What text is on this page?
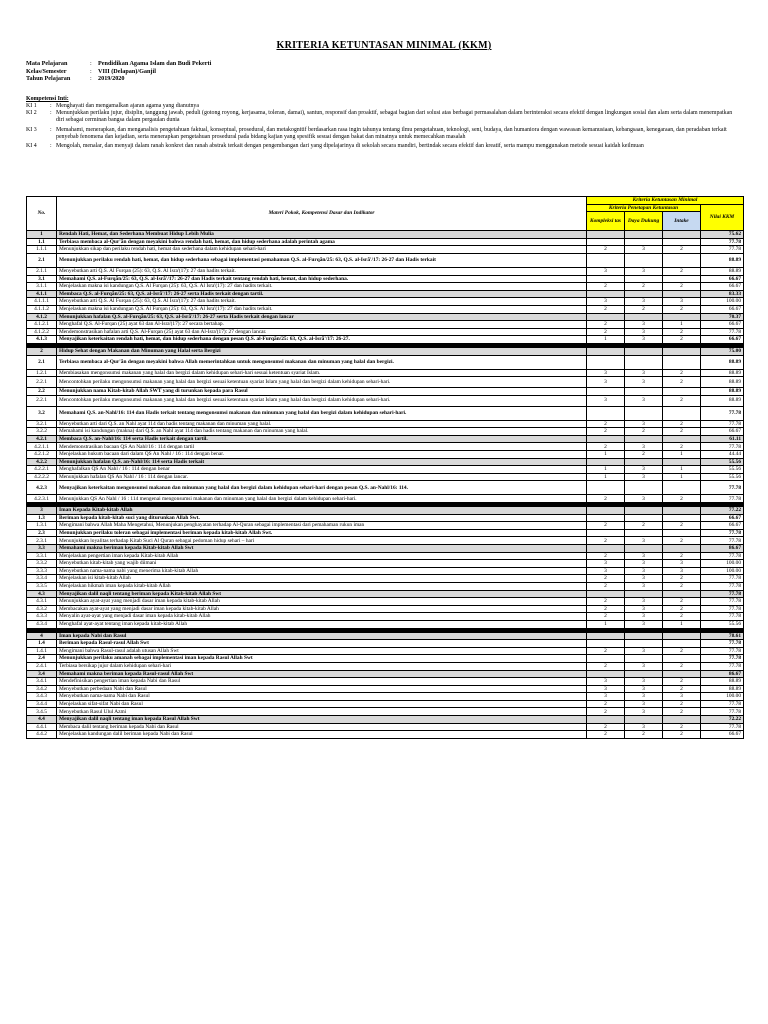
KRITERIA KETUNTASAN MINIMAL (KKM)
Mata Pelajaran	:	Pendidikan Agama Islam dan Budi Pekerti
Kelas/Semester	:	VIII (Delapan)/Ganjil
Tahun Pelajaran	:	2019/2020
Kompetensi Inti:
KI 1	: Menghayati dan mengamalkan ajaran agama yang dianutnya
KI 2	: Menunjukkan perilaku jujur, disiplin, tanggung jawab, peduli (gotong royong, kerjasama, toleran, damai), santun, responsif dan proaktif, sebagai bagian dari solusi atas berbagai permasalahan dalam berinteraksi secara efektif dengan lingkungan sosial dan alam serta dalam menempatkan diri sebagai cerminan bangsa dalam pergaulan dunia
KI 3	: Memahami, menerapkan, dan menganalisis pengetahuan faktual, konseptual, prosedural, dan metakognitif berdasarkan rasa ingin tahunya tentang ilmu pengetahuan, teknologi, seni, budaya, dan humaniora dengan wawasan kemanusiaan, kebangsaan, kenegaraan, dan peradaban terkait penyebab fenomena dan kejadian, serta menerapkan pengetahuan prosedural pada bidang kajian yang spesifik sesuai dengan bakat dan minatnya untuk memecahkan masalah
KI 4	: Mengolah, menalar, dan menyaji dalam ranah konkret dan ranah abstrak terkait dengan pengembangan dari yang dipelajarinya di sekolah secara mandiri, bertindak secara efektif dan kreatif, serta mampu menggunakan metode sesuai kaidah keilmuan
No.	Materi Pokok, Kompetensi Dasar dan Indikator	Kriteria Ketuntasan Minimal			
		Kriteria Penetapan Ketuntasan			Nilai KKM
		Kompleksi tas	Daya Dukung	Intake	
1	Rendah Hati, Hemat, dan Sederhana Membuat Hidup Lebih Mulia				75.62
1.1	Terbiasa membaca al-Qur'ān dengan meyakini bahwa rendah hati, hemat, dan hidup sederhana adalah perintah agama				77.78
1.1.1	Menunjukkan sikap dan perilaku rendah hati, hemat dan sederhana dalam kehidupan sehari-hari	2	3	2	77.78
2.1	Menunjukkan perilaku rendah hati, hemat, dan hidup sederhana sebagai implementasi pemahaman Q.S. al-Furqān/25: 63, Q.S. al-Isrā'/17: 26-27 dan Hadis terkait				88.89
2.1.1	Menyebutkan arti Q.S. Al Furqan (25): 63, Q.S. Al Isra'(17): 27 dan hadits terkait.	3	3	2	88.89
3.1	Memahami Q.S. al-Furqān/25: 63, Q.S. al-Isrā'/17: 26-27 dan Hadis terkait tentang rendah hati, hemat, dan hidup sederhana.				66.67
3.1.1	Menjelaskan makna isi kandungan Q.S. Al Furqan (25): 63, Q.S. Al Isra'(17): 27 dan hadits terkait.	2	2	2	66.67
4.1.1	Membaca Q.S. al-Furqān/25: 63, Q.S. al-Isrā'/17: 26-27 serta Hadis terkait dengan tartil.				83.33
4.1.1.1	Menyebutkan arti Q.S. Al Furqan (25): 63, Q.S. Al Isra'(17): 27 dan hadits terkait.	3	3	3	100.00
4.1.1.2	Menjelaskan makna isi kandungan Q.S. Al Furqan (25): 63, Q.S. Al Isra'(17): 27 dan hadits terkait.	2	2	2	66.67
4.1.2	Menunjukkan hafalan Q.S. al-Furqān/25: 63, Q.S. al-Isrā'/17: 26-27 serta Hadis terkait dengan lancar				70.37
4.1.2.1	Menghafal Q.S. Al-Furqan (25) ayat 63 dan Al-Isra'(17): 27 secara bertahap.	2	3	1	66.67
4.1.2.2	Mendemonstrasikan hafalan arti Q.S. Al-Furqan (25) ayat 63 dan Al-Isra'(17): 27 dengan lancar.	2	3	2	77.78
4.1.3	Menyajikan keterkaitan rendah hati, hemat, dan hidup sederhana dengan pesan Q.S. al-Furqān/25: 63, Q.S. al-Isrā'/17: 26-27.	1	3	2	66.67

2	Hidup Sehat dengan Makanan dan Minuman yang Halal serta Bergizi				75.00
2.1	Terbiasa membaca al-Qur'ān dengan meyakini bahwa Allah memerintahkan untuk mengonsumsi makanan dan minuman yang halal dan bergizi.				88.89
1.2.1	Membiasakan mengonsumsi makanan yang halal dan bergizi dalam kehidupan sehari-hari sesuai ketentuan syariat Islam.	3	3	2	88.89
2.2.1	Mencontohkan perilaku mengonsumsi makanan yang halal dan bergizi sesuai ketentuan syariat Islam yang halal dan bergizi dalam kehidupan sehari-hari.	3	3	2	88.89
2.2	Menunjukkan nama Kitab-kitab Allah SWT yang di turunkan kepada para Rasul				88.89
2.2.1	Mencontohkan perilaku mengonsumsi makanan yang halal dan bergizi sesuai ketentuan syariat Islam yang halal dan bergizi dalam kehidupan sehari-hari.	3	3	2	88.89
3.2	Memahami Q.S. an-Nahl/16: 114 dan Hadis terkait tentang mengonsumsi makanan dan minuman yang halal dan bergizi dalam kehidupan sehari-hari.				77.78
3.2.1	Menyebutkan arti dari Q.S. an Nahl ayat 114 dan hadis tentang makanan dan minuman yang halal.	2	3	2	77.78
3.2.2	Memahami isi kandungan (makna) dari Q.S. an Nahl ayat 114 dan hadis tentang makanan dan minuman yang halal.	2	2	2	66.67
4.2.1	Membaca Q.S. an-Nahl/16: 114 serta Hadis terkait dengan tartil.				61.11
4.2.1.1	Mendemonstrasikan bacaan QS An Nahl/16 : 114 dengan tartil	2	3	2	77.78
4.2.1.2	Menjelaskan hukum bacaan dari dalam QS An Nahl / 16 : 114 dengan benar.	1	2	1	44.44
4.2.2	Menunjukkan hafalan Q.S. an-Nahl/16: 114 serta Hadis terkait				55.56
4.2.2.1	Menghafalkan QS An Nahl / 16 : 114 dengan benar	1	3	1	55.56
4.2.2.2	Menunjukkan hafalan QS An Nahl / 16 : 114 dengan lancar.	1	3	1	55.56
4.2.3	Menyajikan keterkaitan mengonsumsi makanan dan minuman yang halal dan bergizi dalam kehidupan sehari-hari dengan pesan Q.S. an-Nahl/16: 114.				77.78
4.2.3.1	Menunjukkan QS An Nahl / 16 : 114 mengenai mengonsumsi makanan dan minuman yang halal dan bergizi dalam kehidupan sehari-hari.	2	3	2	77.78

3	Iman Kepada Kitab-kitab Allah				77.22
1.3	Beriman kepada kitab-kitab suci yang diturunkan Allah Swt.				66.67
1.3.1	Mengimani bahwa Allah Maha Mengetahui, Menunjukan penghayatan terhadap Al-Quran sebagai implementasi dari pemahaman rukun iman	2	2	2	66.67
2.3	Menunjukkan perilaku toleran sebagai implementasi beriman kepada kitab-kitab Allah Swt.				77.78
2.3.1	Menunjukkan loyalitas terhadap Kitab Suci Al Quran sebagai pedoman hidup sehari – hari	2	3	2	77.78
3.3	Memahami makna beriman kepada Kitab-kitab Allah Swt				86.67
3.3.1	Menjelaskan pengertian iman kepada Kitab-kitab Allah	2	3	2	77.78
3.3.2	Menyebutkan kitab-kitab yang wajib diimani	3	3	3	100.00
3.3.3	Menyebutkan nama-nama nabi yang menerima kitab-kitab Allah	3	3	3	100.00
3.3.4	Menjelaskan isi kitab-kitab Allah	2	3	2	77.78
3.3.5	Menjelaskan hikmah iman kepada kitab-kitab Allah	2	3	2	77.78
4.3	Menyajikan dalil naqli tentang beriman kepada Kitab-kitab Allah Swt				77.78
4.3.1	Menunjukkan ayat-ayat yang menjadi dasar iman kepada kitab-kitab Allah	2	3	2	77.78
4.3.2	Membacakan ayat-ayat yang menjadi dasar iman kepada kitab-kitab Allah	2	3	2	77.78
4.3.3	Menyalin ayat-ayat yang menjadi dasar iman kepada kitab-kitab Allah	2	3	2	77.78
4.3.4	Menghafal ayat-ayat tentang iman kepada kitab-kitab Allah	1	3	1	55.56

4	Iman kepada Nabi dan Rasul				78.61
1.4	Beriman kepada Rasul-rasul Allah Swt				77.78
1.4.1	Mengimani bahwa Rasul-rasul adalah utusan Allah Swt	2	3	2	77.78
2.4	Menunjukkan perilaku amanah sebagai implementasi iman kepada Rasul Allah Swt				77.78
2.4.1	Terbiasa bersikap jujur dalam kehidupan sehari-hari	2	3	2	77.78
3.4	Memahami makna beriman kepada Rasul-rasul Allah Swt				86.67
3.4.1	Mendefinisikan pengertian iman kepada Nabi dan Rasul	3	3	2	88.89
3.4.2	Menyebutkan perbedaan Nabi dan Rasul	3	3	2	88.89
3.4.3	Menyebutkan nama-nama Nabi dan Rasul	3	3	3	100.00
3.4.4	Menjelaskan sifat-sifat Nabi dan Rasul	2	3	2	77.78
3.4.5	Menyebutkan Rasul Ulul Azmi	2	3	2	77.78
4.4	Menyajikan dalil naqli tentang iman kepada Rasul Allah Swt				72.22
4.4.1	Membaca dalil tentang beriman kepada Nabi dan Rasul	2	3	2	77.78
4.4.2	Menjelaskan kandungan dalil beriman kepada Nabi dan Rasul	2	2	2	66.67
